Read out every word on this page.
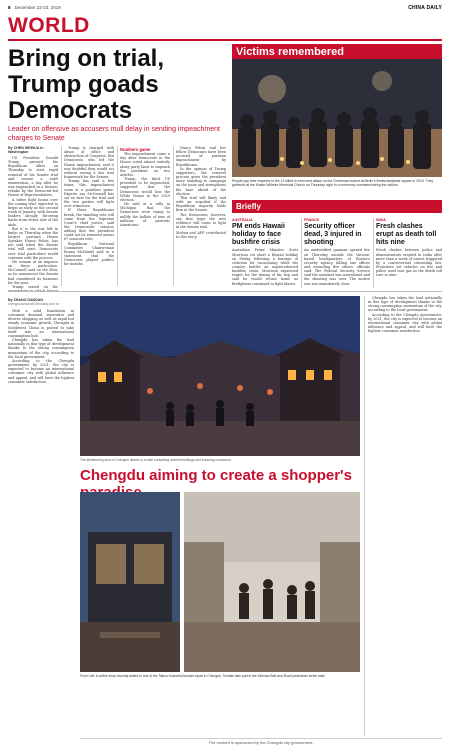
8 December 22-23, 2019	CHINA DAILY
WORLD
Bring on trial, Trump goads Democrats
Leader on offensive as accusers mull delay in sending impeachment charges to Senate
By CHEN WEIHUA in Washington

US President Donald Trump pressed his Republican allies on Thursday to start rapid removal of his Senate trial and ensure a swift exoneration, a day after he was impeached in a historic rebuke by the Democrat-led House of Representatives.

A bitter fight looms over the coming trial, expected to begin as early as the second week of January, with Senate leaders already throwing barbs from either side of the aisle.

But it is the war left in limbo on Thursday when the largest partisan House Speaker Nancy Pelosi, has not said when the Senate trial will start. Democrats over trial particulars would continue with the process.

We remain at an impasse on these particulars, McConnell said on the floor, as he announced the Senate had considered its business for the year.

Trump seized on the

Trump is charged with abuse of office and obstruction of Congress. But Democrats, who led the House impeachment, said it was doubtful they would act without seeing a fair trial framework for the Senate.

Trump has said a few times, this impeachment scam is a pointless game. Experts say McConnell has set no date for the trial and the two parties will fight over witnesses.

If three Republicans break, the standing vote will come from the Supreme Court's chief justice, said the Democratic senator, adding that the president could not be removed unless 67 senators vote.

Republican National Committee Chairwoman Ronna McDaniel said in a statement that the Democrats played politics for months.

Numbers game

The impeachment came a day after Democrats in the House voted almost entirely along party lines to impeach the president on two articles.

Trump, the third US president to be impeached, suggested that the Democrats would lose the White House in the 2020 election.

He said at a rally in Michigan that the Democrats were trying to nullify the ballots of tens of millions of patriotic Americans.

Nancy Pelosi and her fellow Democrats have been accused of partisan impeachment by Republicans.

In the opinion of Trump supporters, the removal process gives the president more standing to campaign on the issue and strengthens his base ahead of the election.

This trial will likely end with an acquittal if the Republican majority holds firm in the Senate.

The Democrats, however, say they hope the new evidence will come to light in the Senate trial.

Xinhua and AFP contributed to this story.

Victims remembered
People pay their respects to the 12 killed in a terrorist attack on the Christmas market at Berlin's Breitscheidplatz square in 2016. They gathered at the Kaiser Wilhelm Memorial Church on Thursday night in a ceremony commemorating the victims.
Briefly
AUSTRALIA
PM ends Hawaii holiday to face bushfire crisis
Australian Prime Minister Scott Morrison cut short a Hawaii holiday on Friday following a barrage of criticism for vacationing while the country battles an unprecedented bushfire crisis. Morrison expressed regret for the timing of his trip and said he would return home as firefighters continued to fight blazes.
FRANCE
Security officer dead, 3 injured in shooting
An unidentified gunman opened fire on Thursday outside the Vatican-based headquarters of Russia's security agency, killing one officer and wounding five others, officials said. The Federal Security Service said the assailant was neutralised and the shooting was over. The motive was not immediately clear.
INDIA
Fresh clashes erupt as death toll hits nine
Fresh clashes between police and demonstrators erupted in India after more than a week of unrest triggered by a controversial citizenship law. Protesters set vehicles on fire and police used tear gas as the death toll rose to nine.
By ZHANG DANDAN
chengdudandan@chinadaily.com.cn

With a solid foundation in consumer demand, innovative and diverse shopping as well as rapid but steady economic growth, Chengdu in Southwest China is poised to take itself into an international consumption hub.

Chengdu has taken the lead nationally in this type of development thanks to the strong consumption momentum of the city, according to the local government.

According to the Chengdu government, by 2021, the city is expected to become an international consumer city with global influence and appeal, and will have the highest consumer satisfaction.

The shimmering area in Chengdu district is a wide containing ancient buildings and booming commerce.
Chengdu aiming to create a shopper's
From Left: A coffee shop recently added to one of the Taikoo Kuanzhai tourism spots in Chengdu. Tourists take part in the Sichuan Belt-and-Road pedestrian street walk.

Chengdu has taken the lead nationally in this type of development thanks to the strong consumption momentum of the city, according to the local government.

According to the Chengdu government, by 2021, the city is expected to become an international consumer city with global influence and appeal, and will have the highest consumer satisfaction.

The content is sponsored by the Chengdu city government.
